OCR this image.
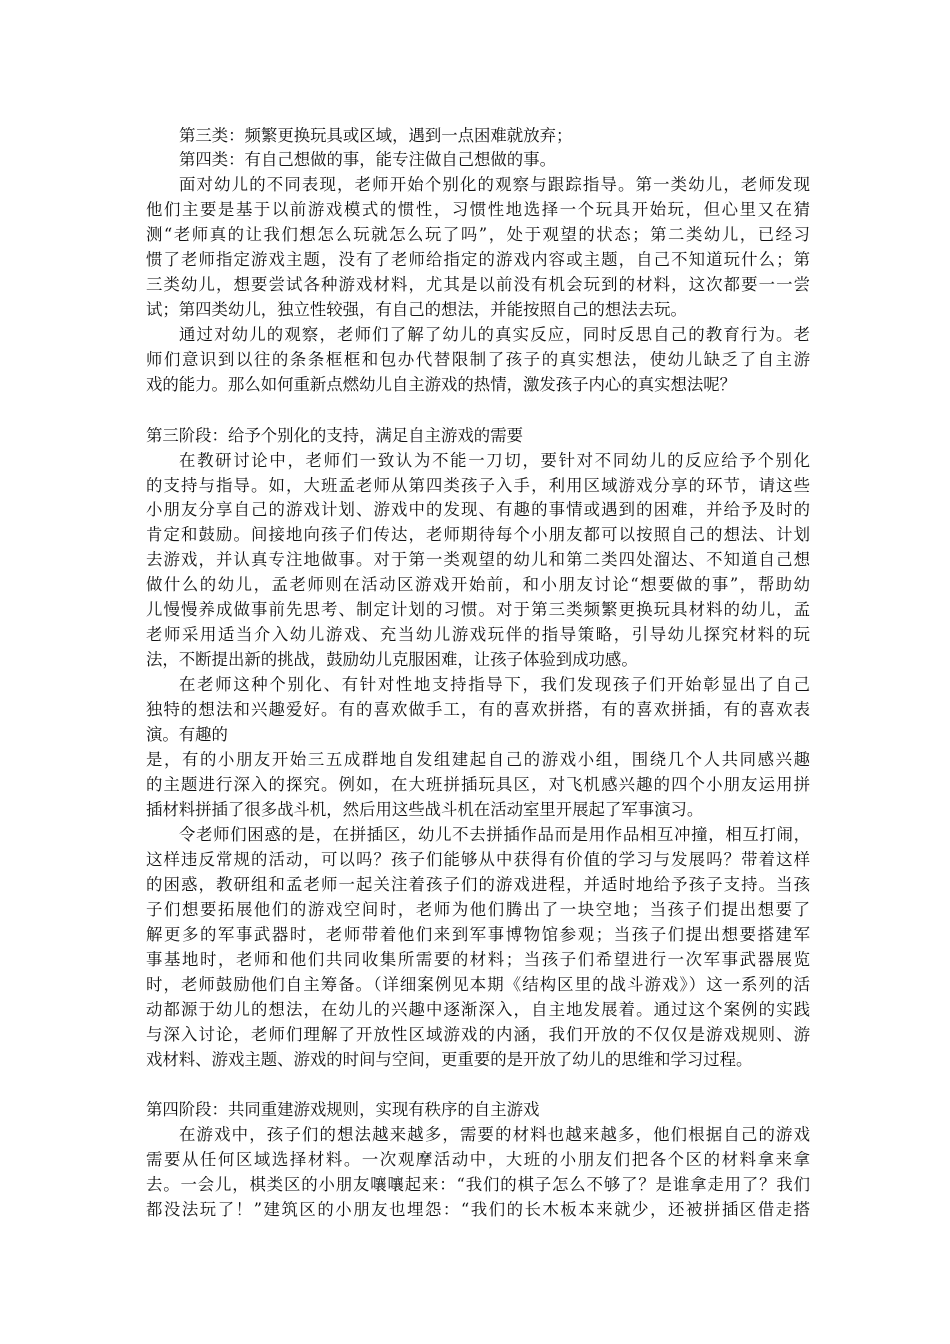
第三类：频繁更换玩具或区域，遇到一点困难就放弃；
第四类：有自己想做的事，能专注做自己想做的事。
面对幼儿的不同表现，老师开始个别化的观察与跟踪指导。第一类幼儿，老师发现
他们主要是基于以前游戏模式的惯性，习惯性地选择一个玩具开始玩，但心里又在猜
测“老师真的让我们想怎么玩就怎么玩了吗”，处于观望的状态；第二类幼儿，已经习
惯了老师指定游戏主题，没有了老师给指定的游戏内容或主题，自己不知道玩什么；第
三类幼儿，想要尝试各种游戏材料，尤其是以前没有机会玩到的材料，这次都要一一尝
试；第四类幼儿，独立性较强，有自己的想法，并能按照自己的想法去玩。
通过对幼儿的观察，老师们了解了幼儿的真实反应，同时反思自己的教育行为。老
师们意识到以往的条条框框和包办代替限制了孩子的真实想法，使幼儿缺乏了自主游
戏的能力。那么如何重新点燃幼儿自主游戏的热情，激发孩子内心的真实想法呢？
第三阶段：给予个别化的支持，满足自主游戏的需要
在教研讨论中，老师们一致认为不能一刀切，要针对不同幼儿的反应给予个别化
的支持与指导。如，大班孟老师从第四类孩子入手，利用区域游戏分享的环节，请这些
小朋友分享自己的游戏计划、游戏中的发现、有趣的事情或遇到的困难，并给予及时的
肯定和鼓励。间接地向孩子们传达，老师期待每个小朋友都可以按照自己的想法、计划
去游戏，并认真专注地做事。对于第一类观望的幼儿和第二类四处溜达、不知道自己想
做什么的幼儿，孟老师则在活动区游戏开始前，和小朋友讨论“想要做的事”，帮助幼
儿慢慢养成做事前先思考、制定计划的习惯。对于第三类频繁更换玩具材料的幼儿，孟
老师采用适当介入幼儿游戏、充当幼儿游戏玩伴的指导策略，引导幼儿探究材料的玩
法，不断提出新的挑战，鼓励幼儿克服困难，让孩子体验到成功感。
在老师这种个别化、有针对性地支持指导下，我们发现孩子们开始彰显出了自己
独特的想法和兴趣爱好。有的喜欢做手工，有的喜欢拼搭，有的喜欢拼插，有的喜欢表
演。有趣的
是，有的小朋友开始三五成群地自发组建起自己的游戏小组，围绕几个人共同感兴趣
的主题进行深入的探究。例如，在大班拼插玩具区，对飞机感兴趣的四个小朋友运用拼
插材料拼插了很多战斗机，然后用这些战斗机在活动室里开展起了军事演习。
令老师们困惑的是，在拼插区，幼儿不去拼插作品而是用作品相互冲撞，相互打闹，
这样违反常规的活动，可以吗？孩子们能够从中获得有价值的学习与发展吗？带着这样
的困惑，教研组和孟老师一起关注着孩子们的游戏进程，并适时地给予孩子支持。当孩
子们想要拓展他们的游戏空间时，老师为他们腾出了一块空地；当孩子们提出想要了
解更多的军事武器时，老师带着他们来到军事博物馆参观；当孩子们提出想要搭建军
事基地时，老师和他们共同收集所需要的材料；当孩子们希望进行一次军事武器展览
时，老师鼓励他们自主筹备。（详细案例见本期《结构区里的战斗游戏》）这一系列的活
动都源于幼儿的想法，在幼儿的兴趣中逐渐深入，自主地发展着。通过这个案例的实践
与深入讨论，老师们理解了开放性区域游戏的内涵，我们开放的不仅仅是游戏规则、游
戏材料、游戏主题、游戏的时间与空间，更重要的是开放了幼儿的思维和学习过程。
第四阶段：共同重建游戏规则，实现有秩序的自主游戏
在游戏中，孩子们的想法越来越多，需要的材料也越来越多，他们根据自己的游戏
需要从任何区域选择材料。一次观摩活动中，大班的小朋友们把各个区的材料拿来拿
去。一会儿，棋类区的小朋友嚷嚷起来：“我们的棋子怎么不够了？是谁拿走用了？我们
都没法玩了！”建筑区的小朋友也埋怨：“我们的长木板本来就少，还被拼插区借走搭
